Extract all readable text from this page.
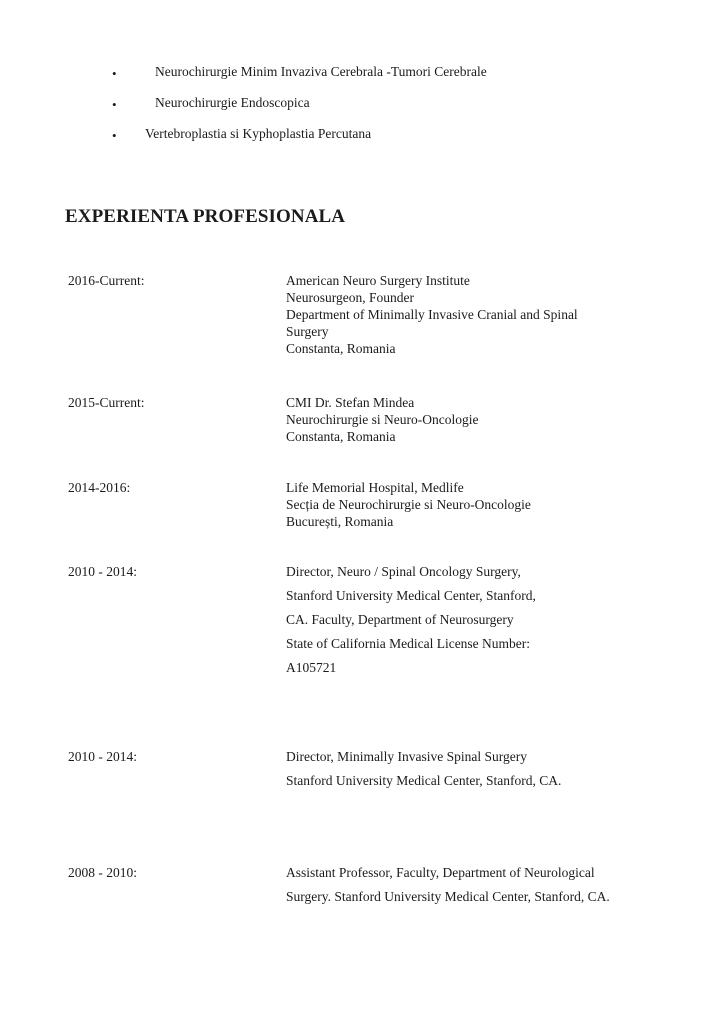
•	Neurochirurgie Minim Invaziva Cerebrala -Tumori Cerebrale
•	Neurochirurgie Endoscopica
• Vertebroplastia si Kyphoplastia Percutana
EXPERIENTA PROFESIONALA
2016-Current:	American Neuro Surgery Institute
Neurosurgeon, Founder
Department of Minimally Invasive Cranial and Spinal
Surgery
Constanta, Romania
2015-Current:	CMI Dr. Stefan Mindea
Neurochirurgie si Neuro-Oncologie
Constanta, Romania
2014-2016:	Life Memorial Hospital, Medlife
Secția de Neurochirurgie si Neuro-Oncologie
București, Romania
2010 - 2014:	Director, Neuro / Spinal Oncology Surgery,
Stanford University Medical Center, Stanford,
CA. Faculty, Department of Neurosurgery
State of California Medical License Number:
A105721
2010 - 2014:	Director, Minimally Invasive Spinal Surgery
Stanford University Medical Center, Stanford, CA.
2008 - 2010:	Assistant Professor, Faculty, Department of Neurological
Surgery. Stanford University Medical Center, Stanford, CA.
